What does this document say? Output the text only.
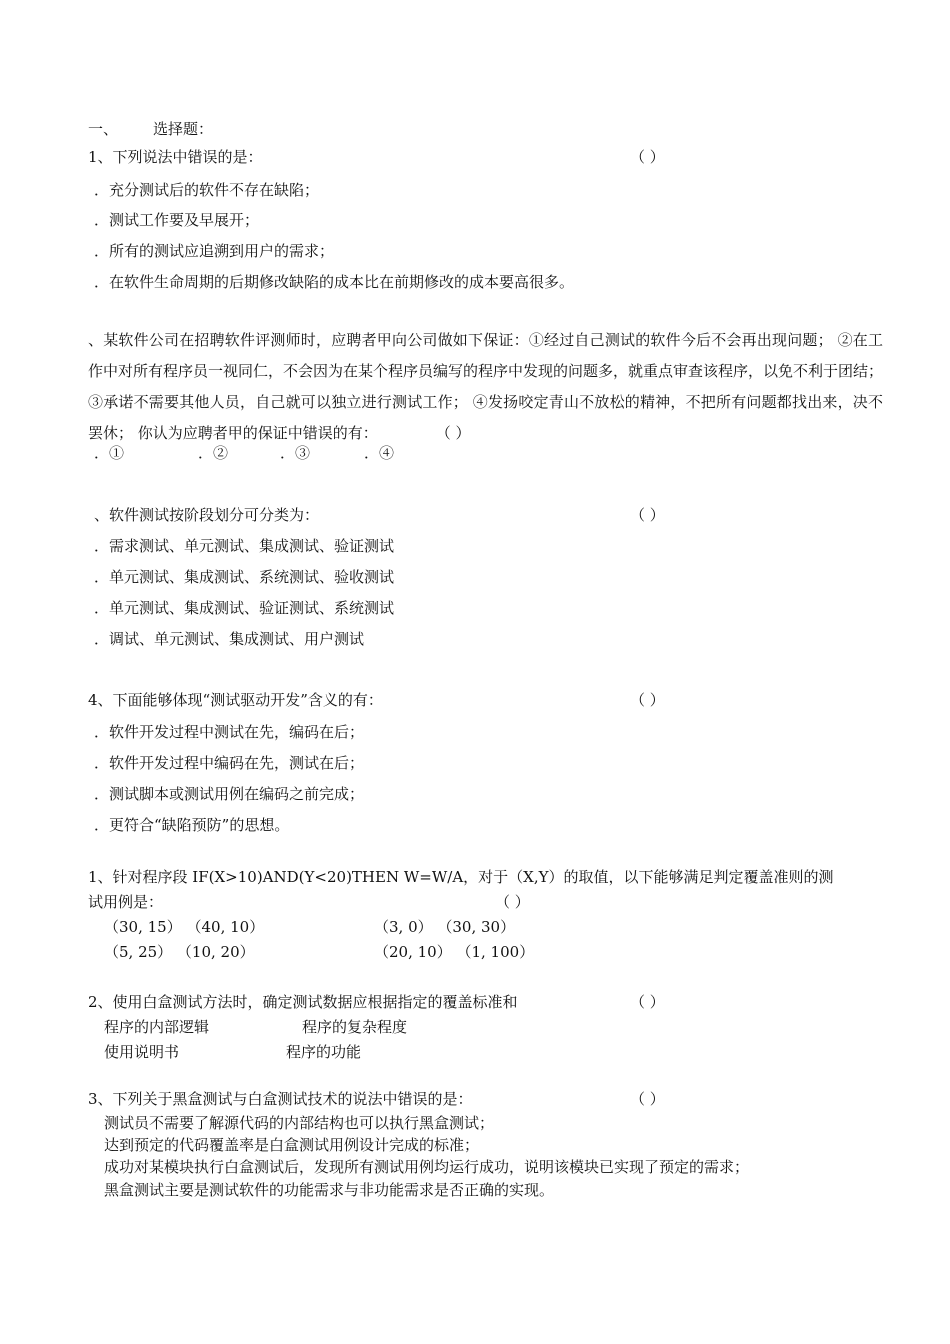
一、 选择题：
1、下列说法中错误的是：	（ ）
．充分测试后的软件不存在缺陷；
．测试工作要及早展开；
．所有的测试应追溯到用户的需求；
．在软件生命周期的后期修改缺陷的成本比在前期修改的成本要高很多。
、某软件公司在招聘软件评测师时，应聘者甲向公司做如下保证：①经过自己测试的软件今后不会再出现问题； ②在工作中对所有程序员一视同仁，不会因为在某个程序员编写的程序中发现的问题多，就重点审查该程序，以免不利于团结；③承诺不需要其他人员，自己就可以独立进行测试工作； ④发扬咬定青山不放松的精神，不把所有问题都找出来，决不罢休； 你认为应聘者甲的保证中错误的有：	（ ）
．①	．②	．③	．④
、软件测试按阶段划分可分类为：	（ ）
．需求测试、单元测试、集成测试、验证测试
．单元测试、集成测试、系统测试、验收测试
．单元测试、集成测试、验证测试、系统测试
．调试、单元测试、集成测试、用户测试
4、下面能够体现“测试驱动开发”含义的有：	（ ）
．软件开发过程中测试在先，编码在后；
．软件开发过程中编码在先，测试在后；
．测试脚本或测试用例在编码之前完成；
．更符合“缺陷预防”的思想。
1、针对程序段 IF(X>10)AND(Y<20)THEN W=W/A，对于（X,Y）的取值，以下能够满足判定覆盖准则的测
试用例是：	（ ）
（30, 15） （40, 10）	（3, 0） （30, 30）
（5, 25） （10, 20）	（20, 10） （1, 100）
2、使用白盒测试方法时，确定测试数据应根据指定的覆盖标准和	（ ）
程序的内部逻辑	程序的复杂程度
使用说明书	程序的功能
3、下列关于黑盒测试与白盒测试技术的说法中错误的是：	（ ）
测试员不需要了解源代码的内部结构也可以执行黑盒测试；
达到预定的代码覆盖率是白盒测试用例设计完成的标准；
成功对某模块执行白盒测试后，发现所有测试用例均运行成功，说明该模块已实现了预定的需求；
黑盒测试主要是测试软件的功能需求与非功能需求是否正确的实现。
